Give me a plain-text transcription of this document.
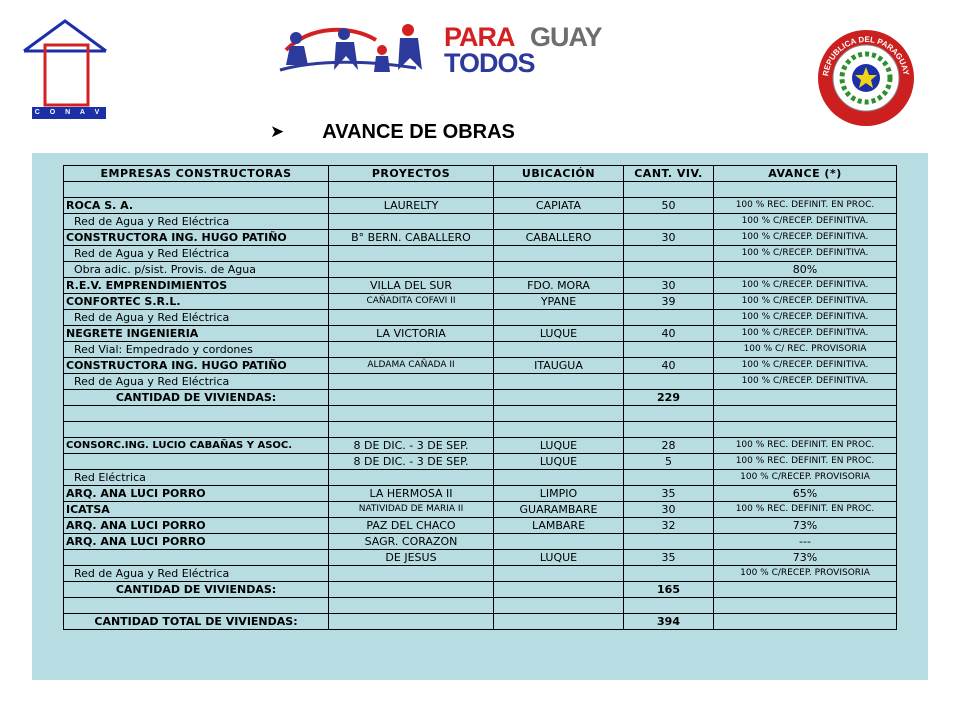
C O N A V I
PARA GUAY
TODOS	REPUBLICA DEL PARAGUAY
➤ AVANCE DE OBRAS
EMPRESAS CONSTRUCTORAS	PROYECTOS	UBICACIÓN	CANT. VIV.	AVANCE (*)

ROCA S. A.	LAURELTY	CAPIATA	50	100 % REC. DEFINIT. EN PROC.
Red de Agua y Red Eléctrica				100 % C/RECEP. DEFINITIVA.
CONSTRUCTORA ING. HUGO PATIÑO	B° BERN. CABALLERO	CABALLERO	30	100 % C/RECEP. DEFINITIVA.
Red de Agua y Red Eléctrica				100 % C/RECEP. DEFINITIVA.
Obra adic. p/sist. Provis. de Agua				80%
R.E.V. EMPRENDIMIENTOS	VILLA DEL SUR	FDO. MORA	30	100 % C/RECEP. DEFINITIVA.
CONFORTEC S.R.L.	CAÑADITA COFAVI II	YPANE	39	100 % C/RECEP. DEFINITIVA.
Red de Agua y Red Eléctrica				100 % C/RECEP. DEFINITIVA.
NEGRETE INGENIERIA	LA VICTORIA	LUQUE	40	100 % C/RECEP. DEFINITIVA.
Red Vial: Empedrado y cordones				100 % C/ REC. PROVISORIA
CONSTRUCTORA ING. HUGO PATIÑO	ALDAMA CAÑADA II	ITAUGUA	40	100 % C/RECEP. DEFINITIVA.
Red de Agua y Red Eléctrica				100 % C/RECEP. DEFINITIVA.
CANTIDAD DE VIVIENDAS:			229	

CONSORC.ING. LUCIO CABAÑAS Y ASOC.	8 DE DIC. - 3 DE SEP.	LUQUE	28	100 % REC. DEFINIT. EN PROC.
	8 DE DIC. - 3 DE SEP.	LUQUE	5	100 % REC. DEFINIT. EN PROC.
Red Eléctrica				100 % C/RECEP. PROVISORIA
ARQ. ANA LUCI PORRO	LA HERMOSA II	LIMPIO	35	65%
ICATSA	NATIVIDAD DE MARIA II	GUARAMBARE	30	100 % REC. DEFINIT. EN PROC.
ARQ. ANA LUCI PORRO	PAZ DEL CHACO	LAMBARE	32	73%
ARQ. ANA LUCI PORRO	SAGR. CORAZON			---
	DE JESUS	LUQUE	35	73%
Red de Agua y Red Eléctrica				100 % C/RECEP. PROVISORIA
CANTIDAD DE VIVIENDAS:			165	

CANTIDAD TOTAL DE VIVIENDAS:			394	
